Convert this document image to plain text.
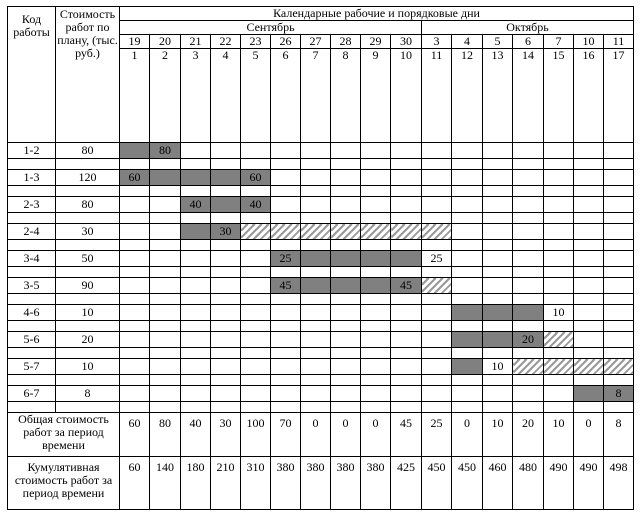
Код работы	Стоимость работ по плану, (тыс. руб.)	Календарные рабочие и порядковые дни																
		Сентябрь										Октябрь						
		19	20	21	22	23	26	27	28	29	30	3	4	5	6	7	10	11
		1	2	3	4	5	6	7	8	9	10	11	12	13	14	15	16	17
1-2	80		80															

1-3	120	60				60												

2-3	80			40		40												

2-4	30				30													

3-4	50						25					25						

3-5	90						45				45							

4-6	10															10		

5-6	20														20			

5-7	10													10				

6-7	8																	8

Общая стоимость работ за период времени		60	80	40	30	100	70	0	0	0	45	25	0	10	20	10	0	8
Кумулятивная стоимость работ за период времени		60	140	180	210	310	380	380	380	380	425	450	450	460	480	490	490	498
